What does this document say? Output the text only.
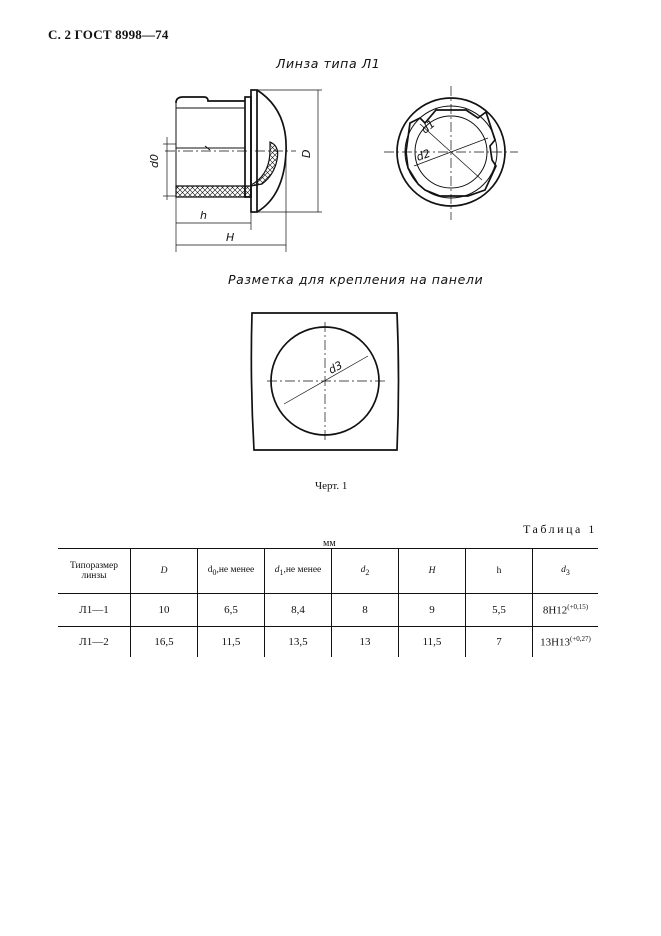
С. 2 ГОСТ 8998—74
Линза типа Л1
d0
D
h
H
d1
d2
d3
Разметка для крепления на панели
Черт. 1
Таблица 1
мм
Типоразмер линзы	D	$d_0,не$ менее	$d_1,не$ менее	$d_2$	H	h	$d_3$
Л1—1	10	6,5	8,4	8	9	5,5	$8Н12^{(+0,15)}$
Л1—2	16,5	11,5	13,5	13	11,5	7	$13Н13^{(+0,27)}$
